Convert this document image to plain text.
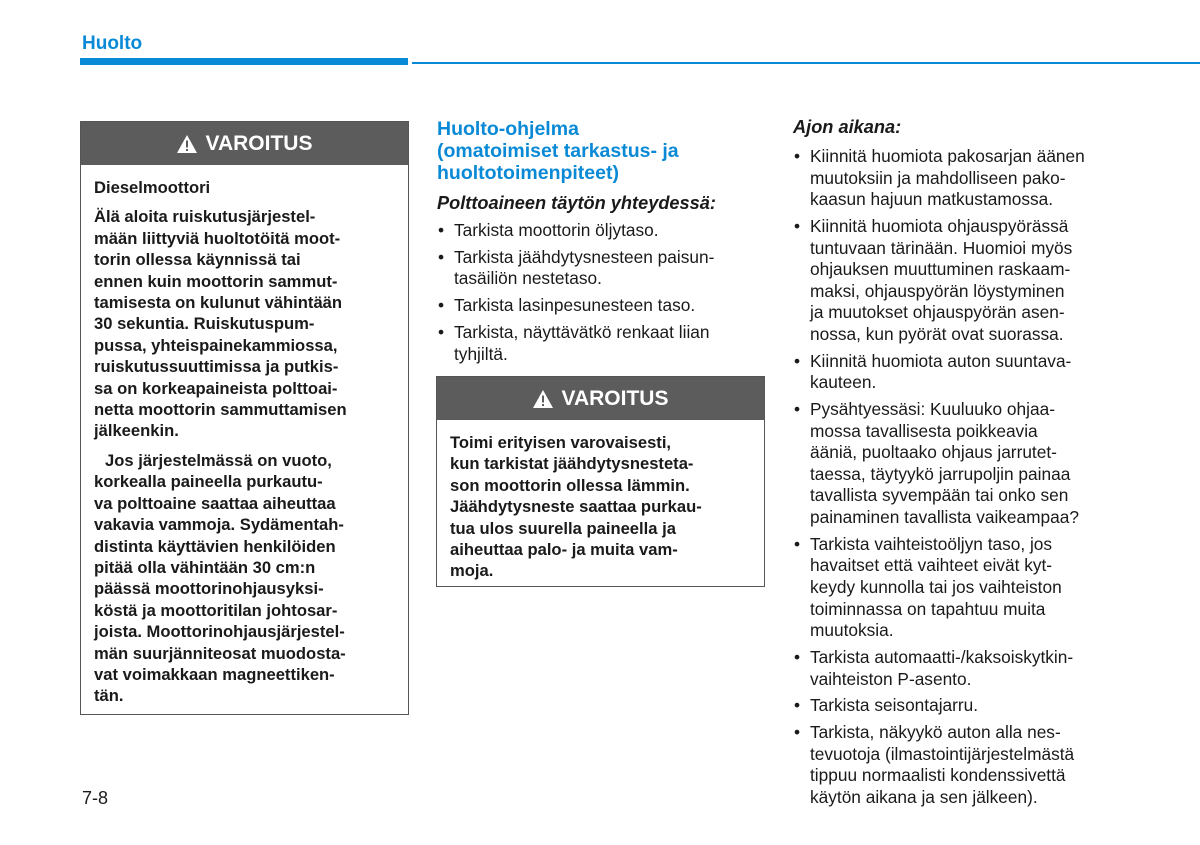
Huolto
VAROITUS

Dieselmoottori

Älä aloita ruiskutusjärjestel-
mään liittyviä huoltotöitä moot-
torin ollessa käynnissä tai
ennen kuin moottorin sammut-
tamisesta on kulunut vähintään
30 sekuntia. Ruiskutuspum-
pussa, yhteispainekammiossa,
ruiskutussuuttimissa ja putkis-
sa on korkeapaineista polttoai-
netta moottorin sammuttamisen
jälkeenkin.

Jos järjestelmässä on vuoto,
korkealla paineella purkautu-
va polttoaine saattaa aiheuttaa
vakavia vammoja. Sydämentah-
distinta käyttävien henkilöiden
pitää olla vähintään 30 cm:n
päässä moottorinohjausyksi-
köstä ja moottoritilan johtosar-
joista. Moottorinohjausjärjestel-
män suurjänniteosat muodosta-
vat voimakkaan magneettiken-
tän.

Huolto-ohjelma
(omatoimiset tarkastus- ja
huoltotoimenpiteet)
Polttoaineen täytön yhteydessä:
• Tarkista moottorin öljytaso.
• Tarkista jäähdytysnesteen paisun-
tasäiliön nestetaso.
• Tarkista lasinpesunesteen taso.
• Tarkista, näyttävätkö renkaat liian
tyhjiltä.
VAROITUS

Toimi erityisen varovaisesti,
kun tarkistat jäähdytysnesteta-
son moottorin ollessa lämmin.
Jäähdytysneste saattaa purkau-
tua ulos suurella paineella ja
aiheuttaa palo- ja muita vam-
moja.

Ajon aikana:
• Kiinnitä huomiota pakosarjan äänen
muutoksiin ja mahdolliseen pako-
kaasun hajuun matkustamossa.
• Kiinnitä huomiota ohjauspyörässä
tuntuvaan tärinään. Huomioi myös
ohjauksen muuttuminen raskaam-
maksi, ohjauspyörän löystyminen
ja muutokset ohjauspyörän asen-
nossa, kun pyörät ovat suorassa.
• Kiinnitä huomiota auton suuntava-
kauteen.
• Pysähtyessäsi: Kuuluuko ohjaa-
mossa tavallisesta poikkeavia
ääniä, puoltaako ohjaus jarrutet-
taessa, täytyykö jarrupoljin painaa
tavallista syvempään tai onko sen
painaminen tavallista vaikeampaa?
• Tarkista vaihteistoöljyn taso, jos
havaitset että vaihteet eivät kyt-
keydy kunnolla tai jos vaihteiston
toiminnassa on tapahtuu muita
muutoksia.
• Tarkista automaatti-/kaksoiskytkin-
vaihteiston P-asento.
• Tarkista seisontajarru.
• Tarkista, näkyykö auton alla nes-
tevuotoja (ilmastointijärjestelmästä
tippuu normaalisti kondenssivettä
käytön aikana ja sen jälkeen).

7-8
